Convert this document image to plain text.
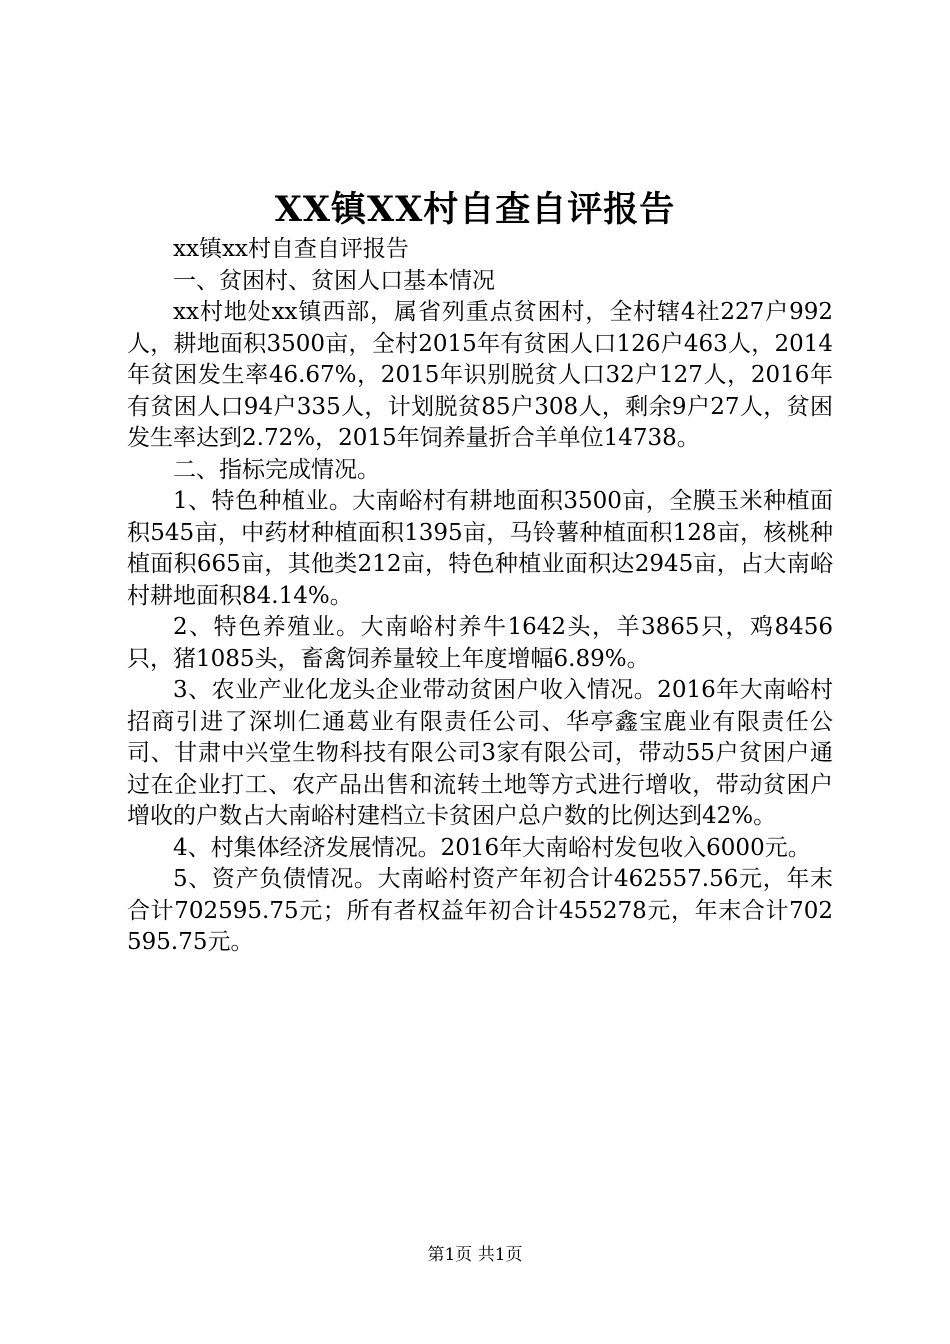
XX镇XX村自查自评报告

xx镇xx村自查自评报告

一、贫困村、贫困人口基本情况

xx村地处xx镇西部，属省列重点贫困村，全村辖4社227户992人，耕地面积3500亩，全村2015年有贫困人口126户463人，2014年贫困发生率46.67%，2015年识别脱贫人口32户127人，2016年有贫困人口94户335人，计划脱贫85户308人，剩余9户27人，贫困发生率达到2.72%，2015年饲养量折合羊单位14738。

二、指标完成情况。

1、特色种植业。大南峪村有耕地面积3500亩，全膜玉米种植面积545亩，中药材种植面积1395亩，马铃薯种植面积128亩，核桃种植面积665亩，其他类212亩，特色种植业面积达2945亩，占大南峪村耕地面积84.14%。

2、特色养殖业。大南峪村养牛1642头，羊3865只，鸡8456只，猪1085头，畜禽饲养量较上年度增幅6.89%。

3、农业产业化龙头企业带动贫困户收入情况。2016年大南峪村招商引进了深圳仁通葛业有限责任公司、华亭鑫宝鹿业有限责任公司、甘肃中兴堂生物科技有限公司3家有限公司，带动55户贫困户通过在企业打工、农产品出售和流转土地等方式进行增收，带动贫困户增收的户数占大南峪村建档立卡贫困户总户数的比例达到42%。

4、村集体经济发展情况。2016年大南峪村发包收入6000元。

5、资产负债情况。大南峪村资产年初合计462557.56元，年末合计702595.75元；所有者权益年初合计455278元，年末合计702595.75元。

第1页 共1页
